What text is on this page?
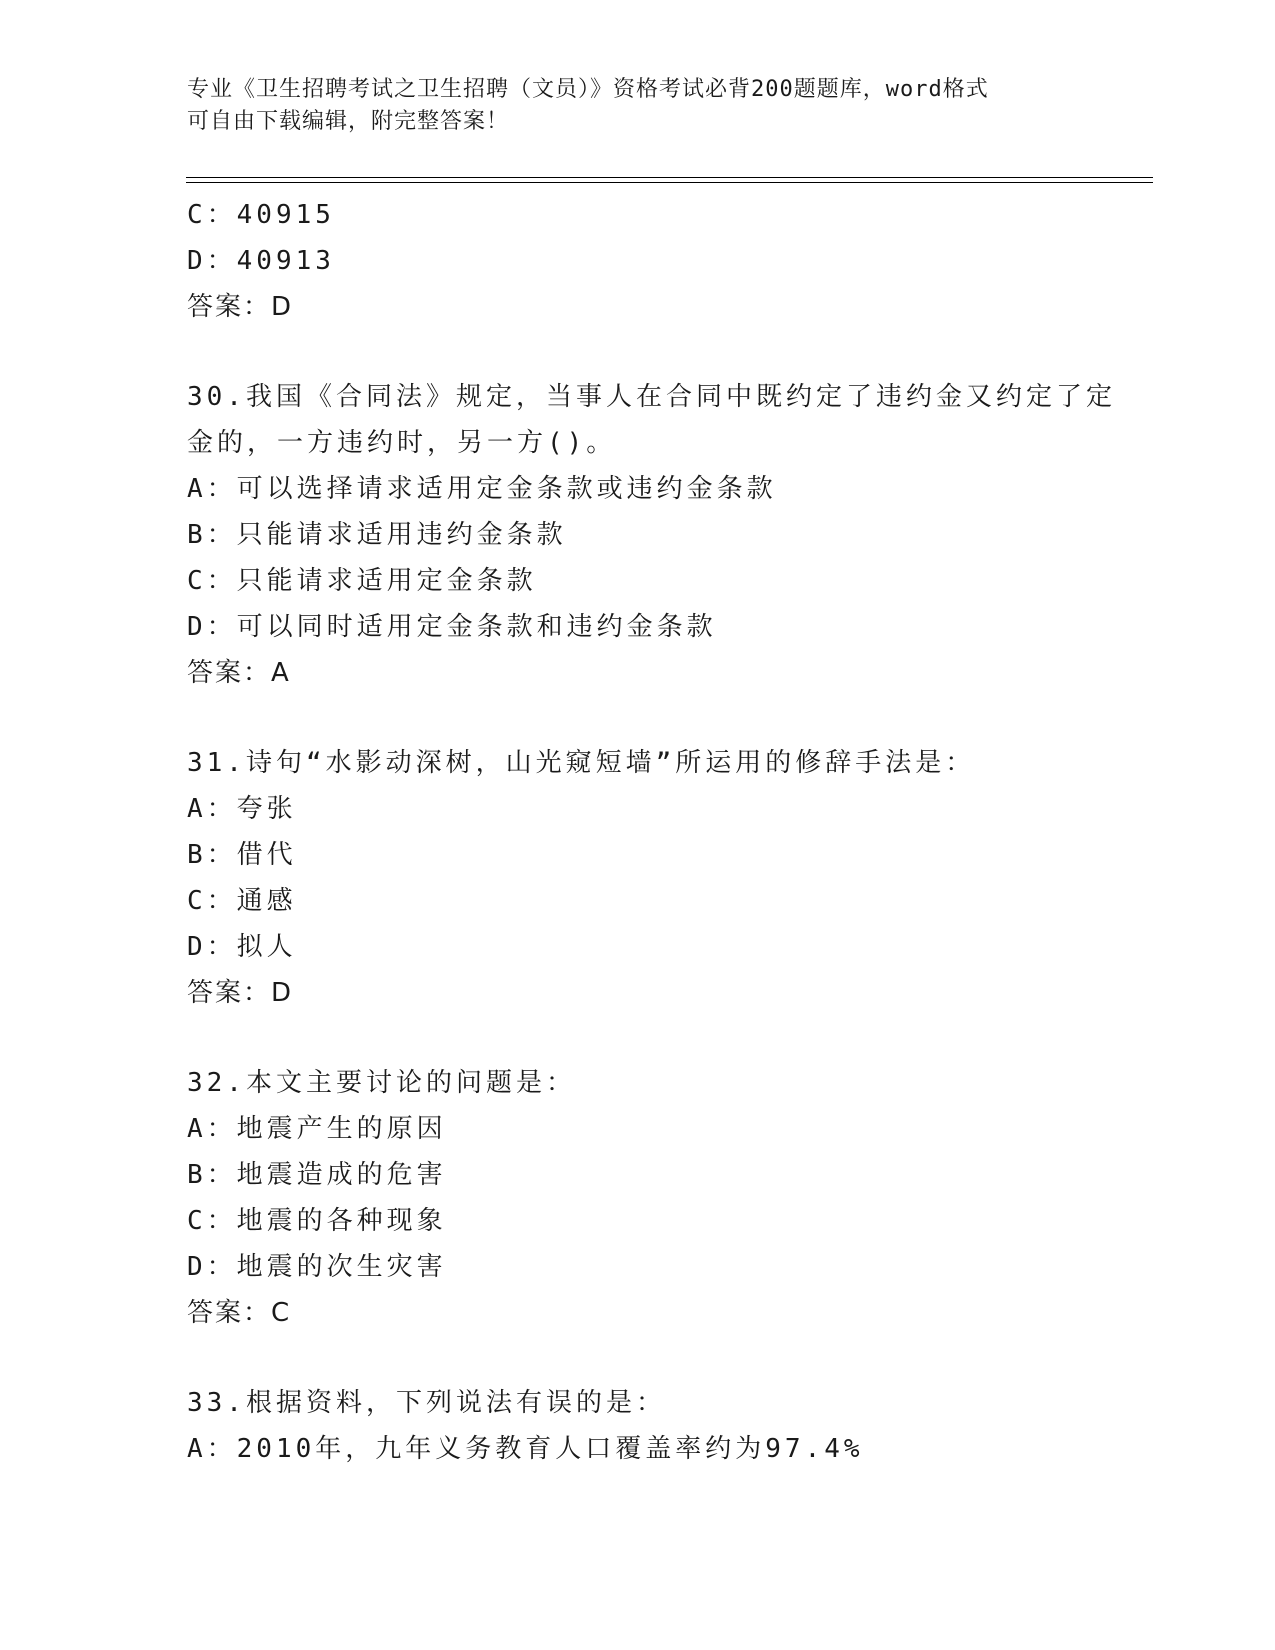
专业《卫生招聘考试之卫生招聘（文员）》资格考试必背200题题库，word格式
可自由下载编辑，附完整答案！
C：40915
D：40913
答案：D
30.我国《合同法》规定，当事人在合同中既约定了违约金又约定了定
金的，一方违约时，另一方()。
A：可以选择请求适用定金条款或违约金条款
B：只能请求适用违约金条款
C：只能请求适用定金条款
D：可以同时适用定金条款和违约金条款
答案：A
31.诗句“水影动深树，山光窥短墙”所运用的修辞手法是：
A：夸张
B：借代
C：通感
D：拟人
答案：D
32.本文主要讨论的问题是：
A：地震产生的原因
B：地震造成的危害
C：地震的各种现象
D：地震的次生灾害
答案：C
33.根据资料，下列说法有误的是：
A：2010年，九年义务教育人口覆盖率约为97.4%
